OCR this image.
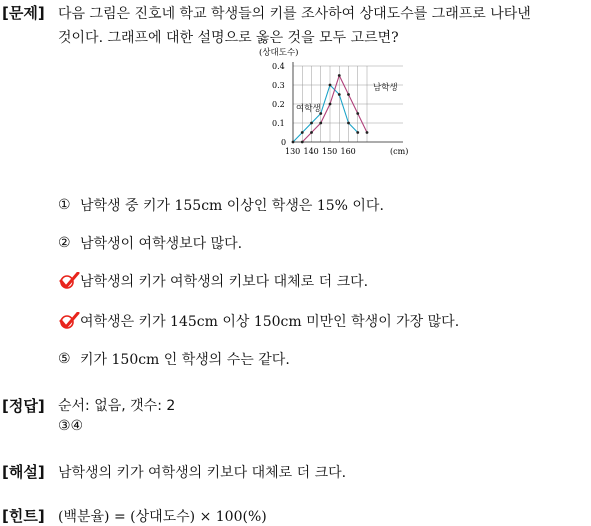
[문제] 다음 그림은 진호네 학교 학생들의 키를 조사하여 상대도수를 그래프로 나타낸
것이다. 그래프에 대한 설명으로 옳은 것을 모두 고르면?
(상대도수)
(cm)
0
0.1
0.2
0.3
0.4
130 140 150 160
여학생
남학생
① 남학생 중 키가 155cm 이상인 학생은 15% 이다.
② 남학생이 여학생보다 많다.
남학생의 키가 여학생의 키보다 대체로 더 크다.
여학생은 키가 145cm 이상 150cm 미만인 학생이 가장 많다.
⑤ 키가 150cm 인 학생의 수는 같다.
[정답] 순서: 없음, 갯수: 2
③④
[해설] 남학생의 키가 여학생의 키보다 대체로 더 크다.
[힌트] (백분율) = (상대도수) × 100(%)
